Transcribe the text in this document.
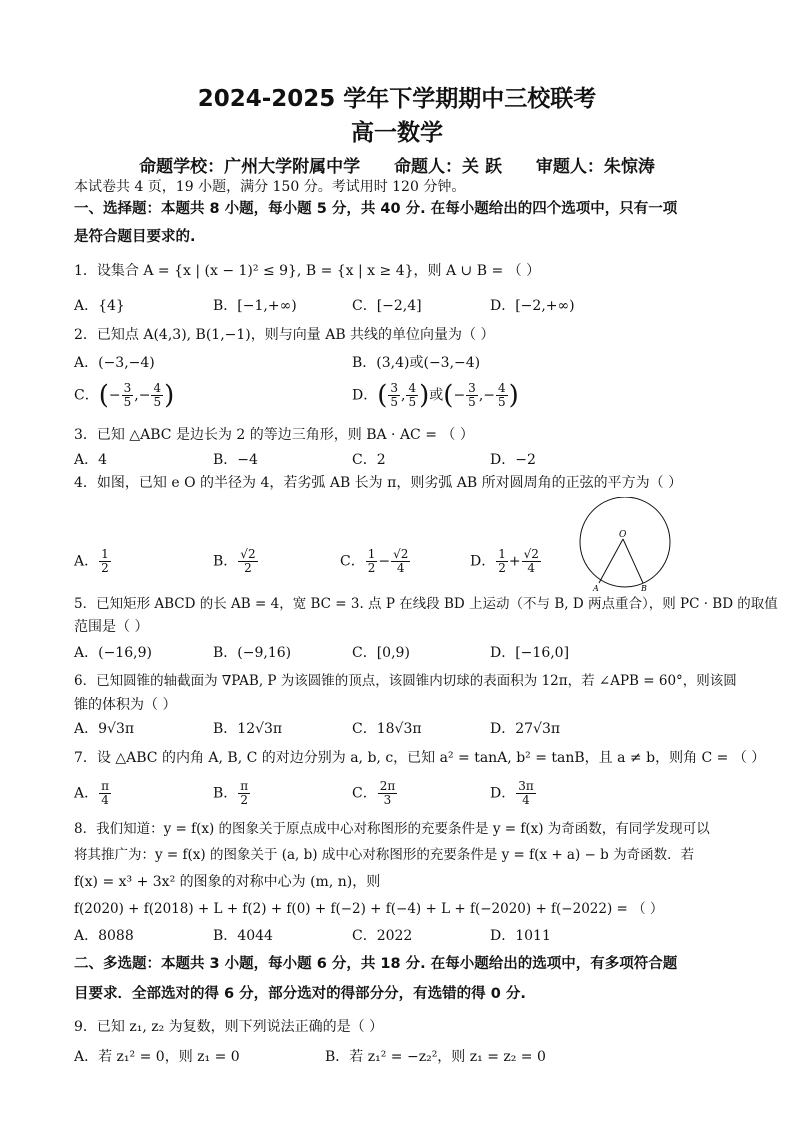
2024-2025 学年下学期期中三校联考
高一数学
命题学校：广州大学附属中学 命题人：关 跃 审题人：朱惊涛
本试卷共 4 页，19 小题，满分 150 分。考试用时 120 分钟。
一、选择题：本题共 8 小题，每小题 5 分，共 40 分. 在每小题给出的四个选项中，只有一项
是符合题目要求的.
1．设集合 A = {x | (x − 1)² ≤ 9}, B = {x | x ≥ 4}，则 A ∪ B = （ ）
A．{4}	B．[−1,+∞)	C．[−2,4]	D．[−2,+∞)
2．已知点 A(4,3), B(1,−1)，则与向量 AB 共线的单位向量为（ ）
A．(−3,−4)	B．(3,4)或(−3,−4)
C．(− $\frac{3}{5}$ ,− $\frac{4}{5}$ )	D．( $\frac{3}{5}$ , $\frac{4}{5}$ )或(− $\frac{3}{5}$ ,− $\frac{4}{5}$ )
3．已知 △ABC 是边长为 2 的等边三角形，则 BA · AC = （ ）
A．4	B．−4	C．2	D．−2
4．如图，已知 e O 的半径为 4，若劣弧 AB 长为 π，则劣弧 AB 所对圆周角的正弦的平方为（ ）
A． $\frac{1}{2}$	B． $\frac{√2}{2}$	C． $\frac{1}{2} - \frac{√2}{4}$	D． $\frac{1}{2} + \frac{√2}{4}$
O
A	B
5．已知矩形 ABCD 的长 AB = 4，宽 BC = 3. 点 P 在线段 BD 上运动（不与 B, D 两点重合），则 PC · BD 的取值
范围是（ ）
A．(−16,9)	B．(−9,16)	C．[0,9)	D．[−16,0]
6．已知圆锥的轴截面为 ∇PAB, P 为该圆锥的顶点，该圆锥内切球的表面积为 12π，若 ∠APB = 60°，则该圆
锥的体积为（ ）
A．9√3π	B．12√3π	C．18√3π	D．27√3π
7．设 △ABC 的内角 A, B, C 的对边分别为 a, b, c，已知 a² = tanA, b² = tanB，且 a ≠ b，则角 C = （ ）
A． $\frac{\pi}{4}$	B． $\frac{\pi}{2}$	C． $\frac{2\pi}{3}$	D． $\frac{3\pi}{4}$
8．我们知道：y = f(x) 的图象关于原点成中心对称图形的充要条件是 y = f(x) 为奇函数，有同学发现可以
将其推广为：y = f(x) 的图象关于 (a, b) 成中心对称图形的充要条件是 y = f(x + a) − b 为奇函数．若
f(x) = x³ + 3x² 的图象的对称中心为 (m, n)，则
f(2020) + f(2018) + L + f(2) + f(0) + f(−2) + f(−4) + L + f(−2020) + f(−2022) = （ ）
A．8088	B．4044	C．2022	D．1011
二、多选题：本题共 3 小题，每小题 6 分，共 18 分. 在每小题给出的选项中，有多项符合题
目要求．全部选对的得 6 分，部分选对的得部分分，有选错的得 0 分.
9．已知 z₁, z₂ 为复数，则下列说法正确的是（ ）
A．若 z₁² = 0，则 z₁ = 0	B．若 z₁² = −z₂²，则 z₁ = z₂ = 0
